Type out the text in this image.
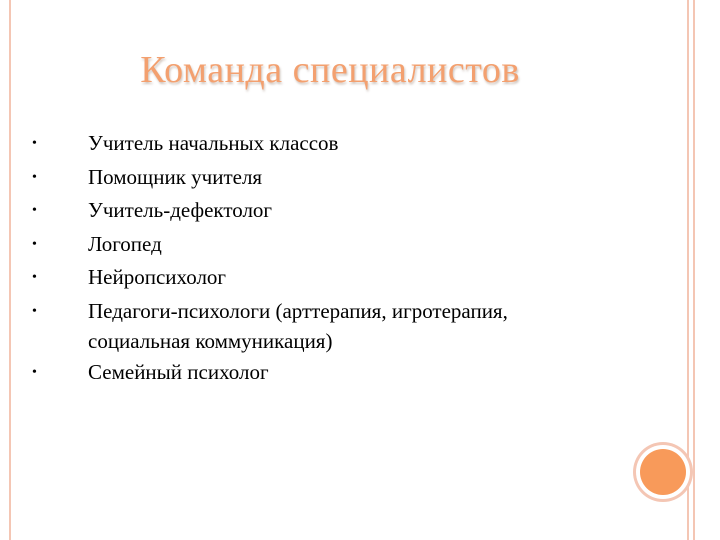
Команда специалистов
• Учитель начальных классов
• Помощник учителя
• Учитель-дефектолог
• Логопед
• Нейропсихолог
• Педагоги-психологи (арттерапия, игротерапия, социальная коммуникация)
• Семейный психолог
